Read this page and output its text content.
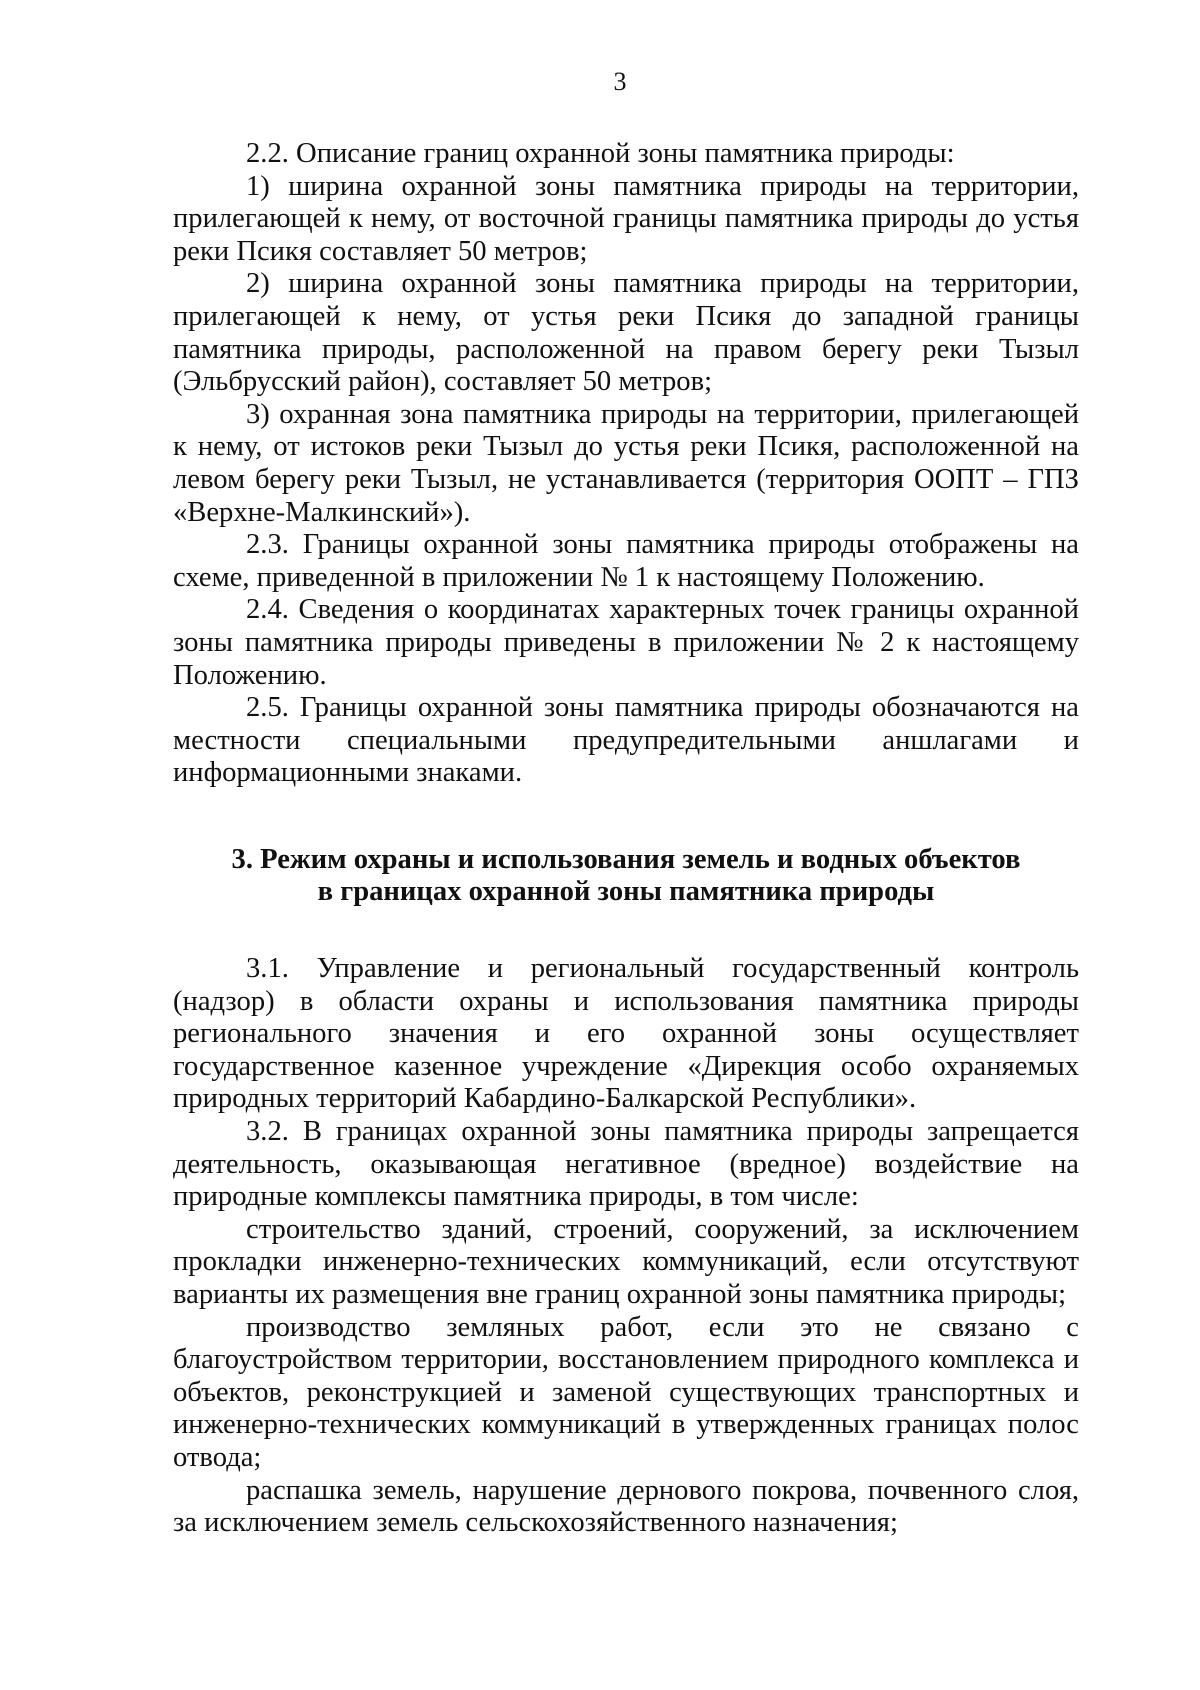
3

2.2. Описание границ охранной зоны памятника природы:

1) ширина охранной зоны памятника природы на территории, прилегающей к нему, от восточной границы памятника природы до устья реки Псикя составляет 50 метров;

2) ширина охранной зоны памятника природы на территории, прилегающей к нему, от устья реки Псикя до западной границы памятника природы, расположенной на правом берегу реки Тызыл (Эльбрусский район), составляет 50 метров;

3) охранная зона памятника природы на территории, прилегающей к нему, от истоков реки Тызыл до устья реки Псикя, расположенной на левом берегу реки Тызыл, не устанавливается (территория ООПТ – ГПЗ «Верхне-Малкинский»).

2.3. Границы охранной зоны памятника природы отображены на схеме, приведенной в приложении № 1 к настоящему Положению.

2.4. Сведения о координатах характерных точек границы охранной зоны памятника природы приведены в приложении № 2 к настоящему Положению.

2.5. Границы охранной зоны памятника природы обозначаются на местности специальными предупредительными аншлагами и информационными знаками.

3. Режим охраны и использования земель и водных объектов
в границах охранной зоны памятника природы

3.1. Управление и региональный государственный контроль (надзор) в области охраны и использования памятника природы регионального значения и его охранной зоны осуществляет государственное казенное учреждение «Дирекция особо охраняемых природных территорий Кабардино-Балкарской Республики».

3.2. В границах охранной зоны памятника природы запрещается деятельность, оказывающая негативное (вредное) воздействие на природные комплексы памятника природы, в том числе:

строительство зданий, строений, сооружений, за исключением прокладки инженерно-технических коммуникаций, если отсутствуют варианты их размещения вне границ охранной зоны памятника природы;

производство земляных работ, если это не связано с благоустройством территории, восстановлением природного комплекса и объектов, реконструкцией и заменой существующих транспортных и инженерно-технических коммуникаций в утвержденных границах полос отвода;

распашка земель, нарушение дернового покрова, почвенного слоя, за исключением земель сельскохозяйственного назначения;
